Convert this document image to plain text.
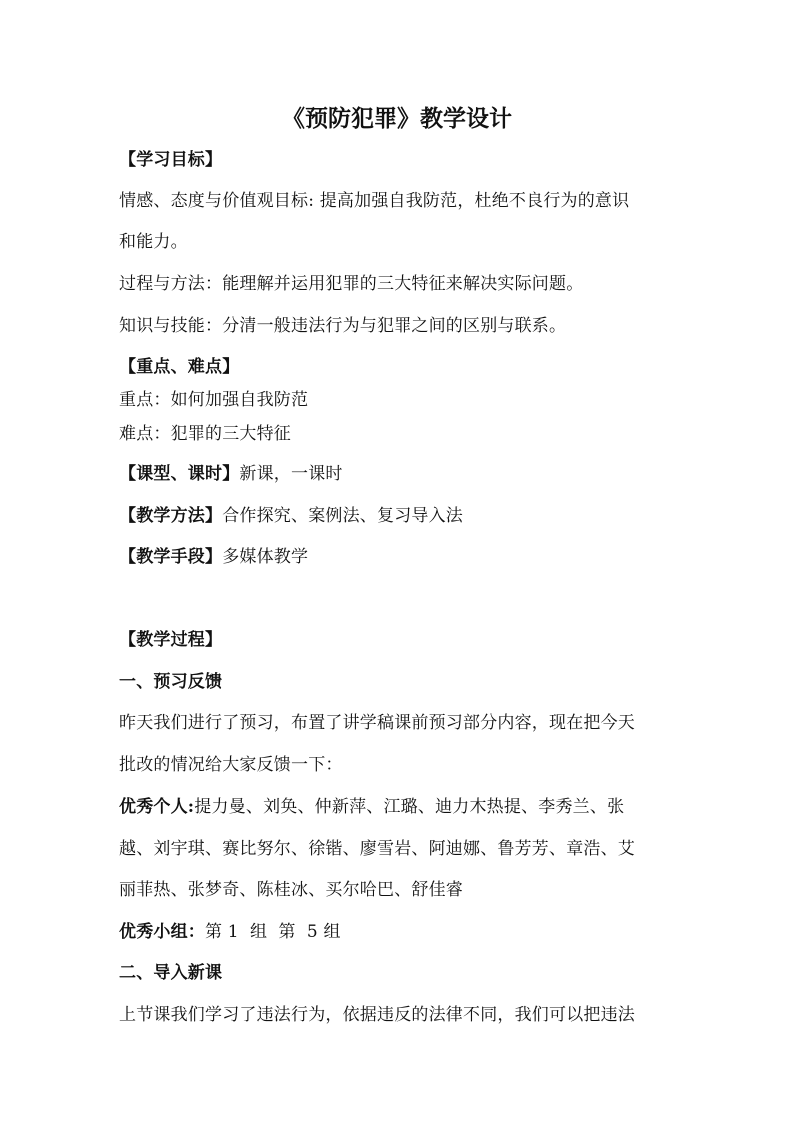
《预防犯罪》教学设计
【学习目标】
情感、态度与价值观目标: 提高加强自我防范，杜绝不良行为的意识
和能力。
过程与方法：能理解并运用犯罪的三大特征来解决实际问题。
知识与技能：分清一般违法行为与犯罪之间的区别与联系。
【重点、难点】
重点：如何加强自我防范
难点：犯罪的三大特征
【课型、课时】新课，一课时
【教学方法】合作探究、案例法、复习导入法
【教学手段】多媒体教学
【教学过程】
一、预习反馈
昨天我们进行了预习，布置了讲学稿课前预习部分内容，现在把今天
批改的情况给大家反馈一下：
优秀个人:提力曼、刘奂、仲新萍、江璐、迪力木热提、李秀兰、张
越、刘宇琪、赛比努尔、徐锴、廖雪岩、阿迪娜、鲁芳芳、章浩、艾
丽菲热、张梦奇、陈桂冰、买尔哈巴、舒佳睿
优秀小组：第 1  组  第  5 组
二、导入新课
上节课我们学习了违法行为，依据违反的法律不同，我们可以把违法
